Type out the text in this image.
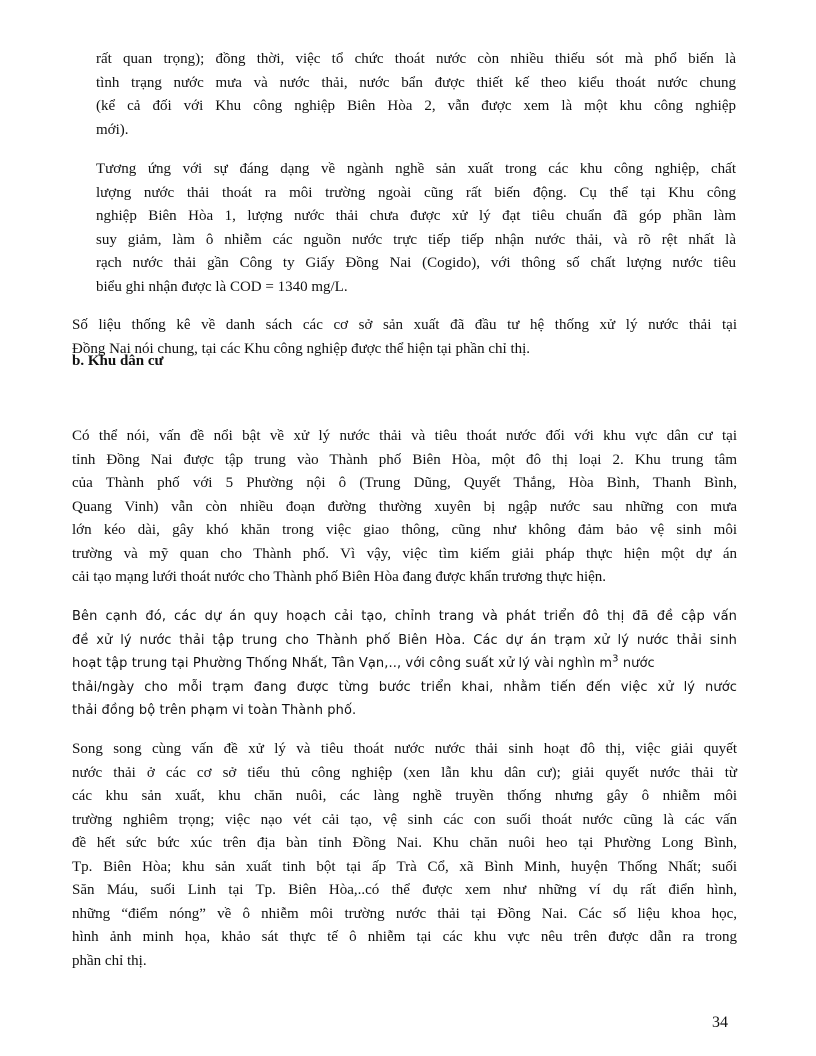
rất quan trọng); đồng thời, việc tổ chức thoát nước còn nhiều thiếu sót mà phổ biến là
tình trạng nước mưa và nước thải, nước bẩn được thiết kế theo kiểu thoát nước chung
(kể cả đối với Khu công nghiệp Biên Hòa 2, vẫn được xem là một khu công nghiệp
mới).

Tương ứng với sự đáng dạng về ngành nghề sản xuất trong các khu công nghiệp, chất
lượng nước thải thoát ra môi trường ngoài cũng rất biến động. Cụ thể tại Khu công
nghiệp Biên Hòa 1, lượng nước thải chưa được xử lý đạt tiêu chuẩn đã góp phần làm
suy giảm, làm ô nhiễm các nguồn nước trực tiếp tiếp nhận nước thải, và rõ rệt nhất là
rạch nước thải gần Công ty Giấy Đồng Nai (Cogido), với thông số chất lượng nước tiêu
biểu ghi nhận được là COD = 1340 mg/L.

Số liệu thống kê về danh sách các cơ sở sản xuất đã đầu tư hệ thống xử lý nước thải tại
Đồng Nai nói chung, tại các Khu công nghiệp được thể hiện tại phần chỉ thị.

b. Khu dân cư

Có thể nói, vấn đề nổi bật về xử lý nước thải và tiêu thoát nước đối với khu vực dân cư tại
tỉnh Đồng Nai được tập trung vào Thành phố Biên Hòa, một đô thị loại 2. Khu trung tâm
của Thành phố với 5 Phường nội ô (Trung Dũng, Quyết Thắng, Hòa Bình, Thanh Bình,
Quang Vinh) vẫn còn nhiều đoạn đường thường xuyên bị ngập nước sau những con mưa
lớn kéo dài, gây khó khăn trong việc giao thông, cũng như không đảm bảo vệ sinh môi
trường và mỹ quan cho Thành phố. Vì vậy, việc tìm kiếm giải pháp thực hiện một dự án
cải tạo mạng lưới thoát nước cho Thành phố Biên Hòa đang được khẩn trương thực hiện.

Bên cạnh đó, các dự án quy hoạch cải tạo, chỉnh trang và phát triển đô thị đã đề cập vấn
đề xử lý nước thải tập trung cho Thành phố Biên Hòa. Các dự án trạm xử lý nước thải sinh
hoạt tập trung tại Phường Thống Nhất, Tân Vạn,.., với công suất xử lý vài nghìn $m^3$ nước
thải/ngày cho mỗi trạm đang được từng bước triển khai, nhằm tiến đến việc xử lý nước
thải đồng bộ trên phạm vi toàn Thành phố.

Song song cùng vấn đề xử lý và tiêu thoát nước nước thải sinh hoạt đô thị, việc giải quyết
nước thải ở các cơ sở tiểu thủ công nghiệp (xen lẫn khu dân cư); giải quyết nước thải từ
các khu sản xuất, khu chăn nuôi, các làng nghề truyền thống nhưng gây ô nhiễm môi
trường nghiêm trọng; việc nạo vét cải tạo, vệ sinh các con suối thoát nước cũng là các vấn
đề hết sức bức xúc trên địa bàn tỉnh Đồng Nai. Khu chăn nuôi heo tại Phường Long Bình,
Tp. Biên Hòa; khu sản xuất tinh bột tại ấp Trà Cổ, xã Bình Minh, huyện Thống Nhất; suối
Săn Máu, suối Linh tại Tp. Biên Hòa,..có thể được xem như những ví dụ rất điển hình,
những “điểm nóng” về ô nhiễm môi trường nước thải tại Đồng Nai. Các số liệu khoa học,
hình ảnh minh họa, khảo sát thực tế ô nhiễm tại các khu vực nêu trên được dẫn ra trong
phần chỉ thị.

34
